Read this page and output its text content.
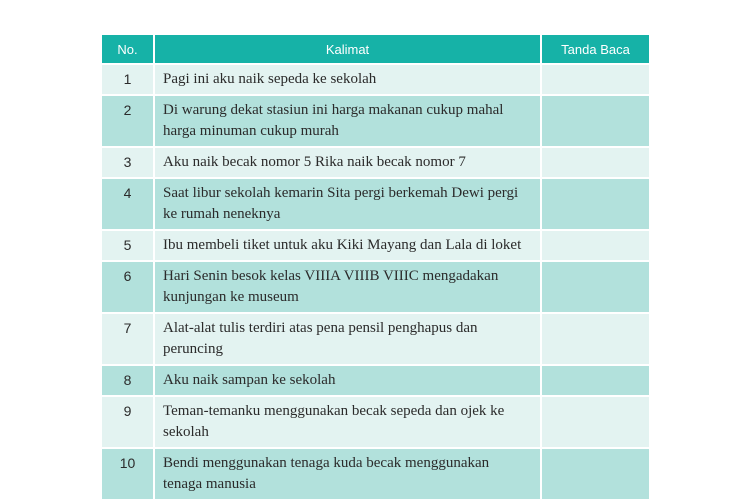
No.	Kalimat	Tanda Baca
1	Pagi ini aku naik sepeda ke sekolah	
2	Di warung dekat stasiun ini harga makanan cukup mahal harga minuman cukup murah	
3	Aku naik becak nomor 5 Rika naik becak nomor 7	
4	Saat libur sekolah kemarin Sita pergi berkemah Dewi pergi ke rumah neneknya	
5	Ibu membeli tiket untuk aku Kiki Mayang dan Lala di loket	
6	Hari Senin besok kelas VIIIA VIIIB VIIIC mengadakan kunjungan ke museum	
7	Alat-alat tulis terdiri atas pena pensil penghapus dan peruncing	
8	Aku naik sampan ke sekolah	
9	Teman-temanku menggunakan becak sepeda dan ojek ke sekolah	
10	Bendi menggunakan tenaga kuda becak menggunakan tenaga manusia	
